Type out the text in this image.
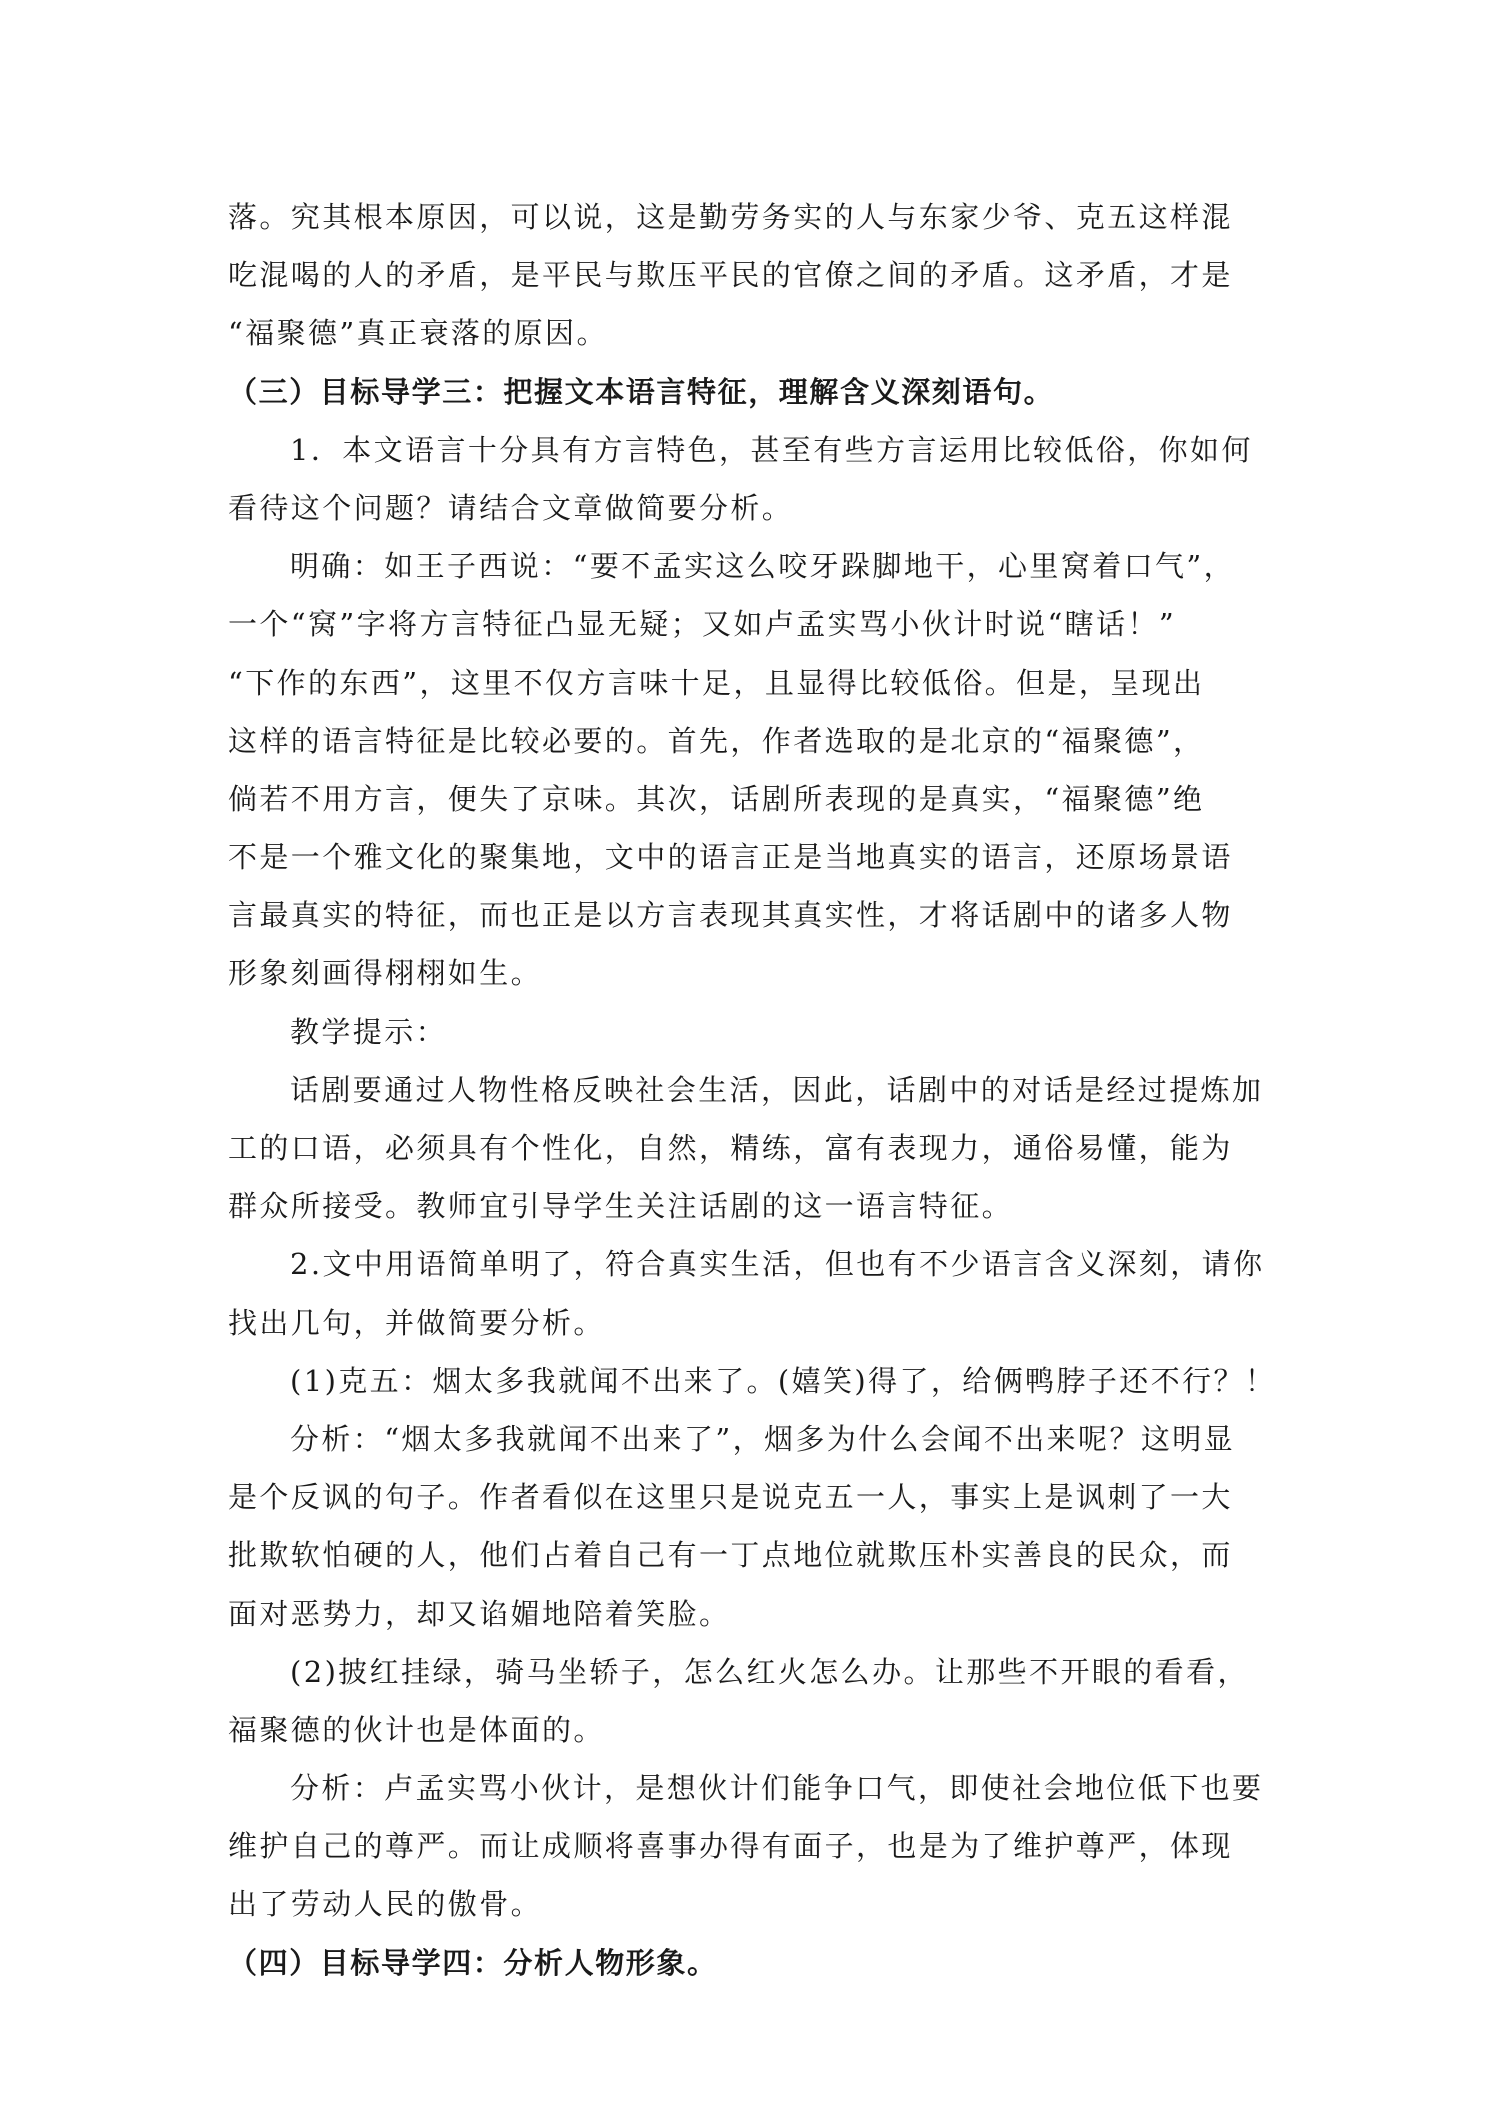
落。究其根本原因，可以说，这是勤劳务实的人与东家少爷、克五这样混
吃混喝的人的矛盾，是平民与欺压平民的官僚之间的矛盾。这矛盾，才是
“福聚德”真正衰落的原因。
（三）目标导学三：把握文本语言特征，理解含义深刻语句。
1．本文语言十分具有方言特色，甚至有些方言运用比较低俗，你如何
看待这个问题？请结合文章做简要分析。
明确：如王子西说：“要不孟实这么咬牙跺脚地干，心里窝着口气”，
一个“窝”字将方言特征凸显无疑；又如卢孟实骂小伙计时说“瞎话！”
“下作的东西”，这里不仅方言味十足，且显得比较低俗。但是，呈现出
这样的语言特征是比较必要的。首先，作者选取的是北京的“福聚德”，
倘若不用方言，便失了京味。其次，话剧所表现的是真实，“福聚德”绝
不是一个雅文化的聚集地，文中的语言正是当地真实的语言，还原场景语
言最真实的特征，而也正是以方言表现其真实性，才将话剧中的诸多人物
形象刻画得栩栩如生。
教学提示：
话剧要通过人物性格反映社会生活，因此，话剧中的对话是经过提炼加
工的口语，必须具有个性化，自然，精练，富有表现力，通俗易懂，能为
群众所接受。教师宜引导学生关注话剧的这一语言特征。
2.文中用语简单明了，符合真实生活，但也有不少语言含义深刻，请你
找出几句，并做简要分析。
(1)克五：烟太多我就闻不出来了。(嬉笑)得了，给俩鸭脖子还不行？！
分析：“烟太多我就闻不出来了”，烟多为什么会闻不出来呢？这明显
是个反讽的句子。作者看似在这里只是说克五一人，事实上是讽刺了一大
批欺软怕硬的人，他们占着自己有一丁点地位就欺压朴实善良的民众，而
面对恶势力，却又谄媚地陪着笑脸。
(2)披红挂绿，骑马坐轿子，怎么红火怎么办。让那些不开眼的看看，
福聚德的伙计也是体面的。
分析：卢孟实骂小伙计，是想伙计们能争口气，即使社会地位低下也要
维护自己的尊严。而让成顺将喜事办得有面子，也是为了维护尊严，体现
出了劳动人民的傲骨。
（四）目标导学四：分析人物形象。
